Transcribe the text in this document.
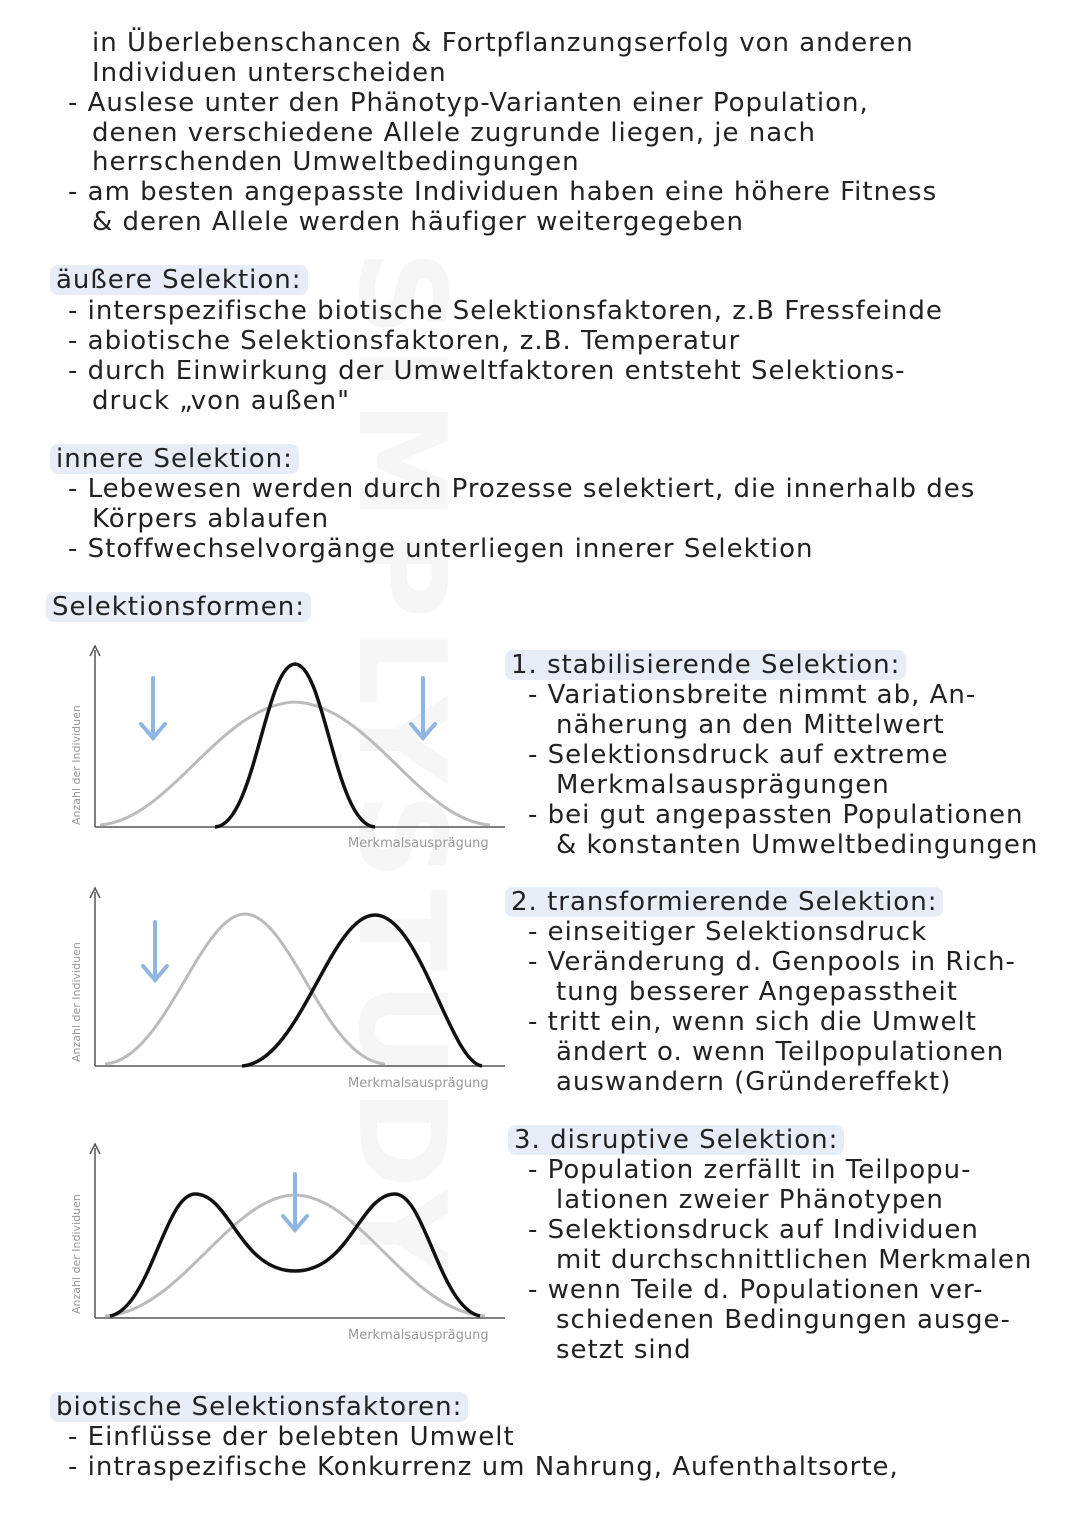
in Überlebenschancen & Fortpflanzungserfolg von anderen
Individuen unterscheiden
- Auslese unter den Phänotyp-Varianten einer Population,
denen verschiedene Allele zugrunde liegen, je nach
herrschenden Umweltbedingungen
- am besten angepasste Individuen haben eine höhere Fitness
& deren Allele werden häufiger weitergegeben
äußere Selektion:
- interspezifische biotische Selektionsfaktoren, z.B Fressfeinde
- abiotische Selektionsfaktoren, z.B. Temperatur
- durch Einwirkung der Umweltfaktoren entsteht Selektions-
druck „von außen"
innere Selektion:
- Lebewesen werden durch Prozesse selektiert, die innerhalb des
Körpers ablaufen
- Stoffwechselvorgänge unterliegen innerer Selektion
Selektionsformen:
Anzahl der Individuen
Merkmalsausprägung
Anzahl der Individuen
Merkmalsausprägung
Anzahl der Individuen
Merkmalsausprägung
1. stabilisierende Selektion:
- Variationsbreite nimmt ab, An-
näherung an den Mittelwert
- Selektionsdruck auf extreme
Merkmalsausprägungen
- bei gut angepassten Populationen
& konstanten Umweltbedingungen
2. transformierende Selektion:
- einseitiger Selektionsdruck
- Veränderung d. Genpools in Rich-
tung besserer Angepasstheit
- tritt ein, wenn sich die Umwelt
ändert o. wenn Teilpopulationen
auswandern (Gründereffekt)
3. disruptive Selektion:
- Population zerfällt in Teilpopu-
lationen zweier Phänotypen
- Selektionsdruck auf Individuen
mit durchschnittlichen Merkmalen
- wenn Teile d. Populationen ver-
schiedenen Bedingungen ausge-
setzt sind
biotische Selektionsfaktoren:
- Einflüsse der belebten Umwelt
- intraspezifische Konkurrenz um Nahrung, Aufenthaltsorte,
